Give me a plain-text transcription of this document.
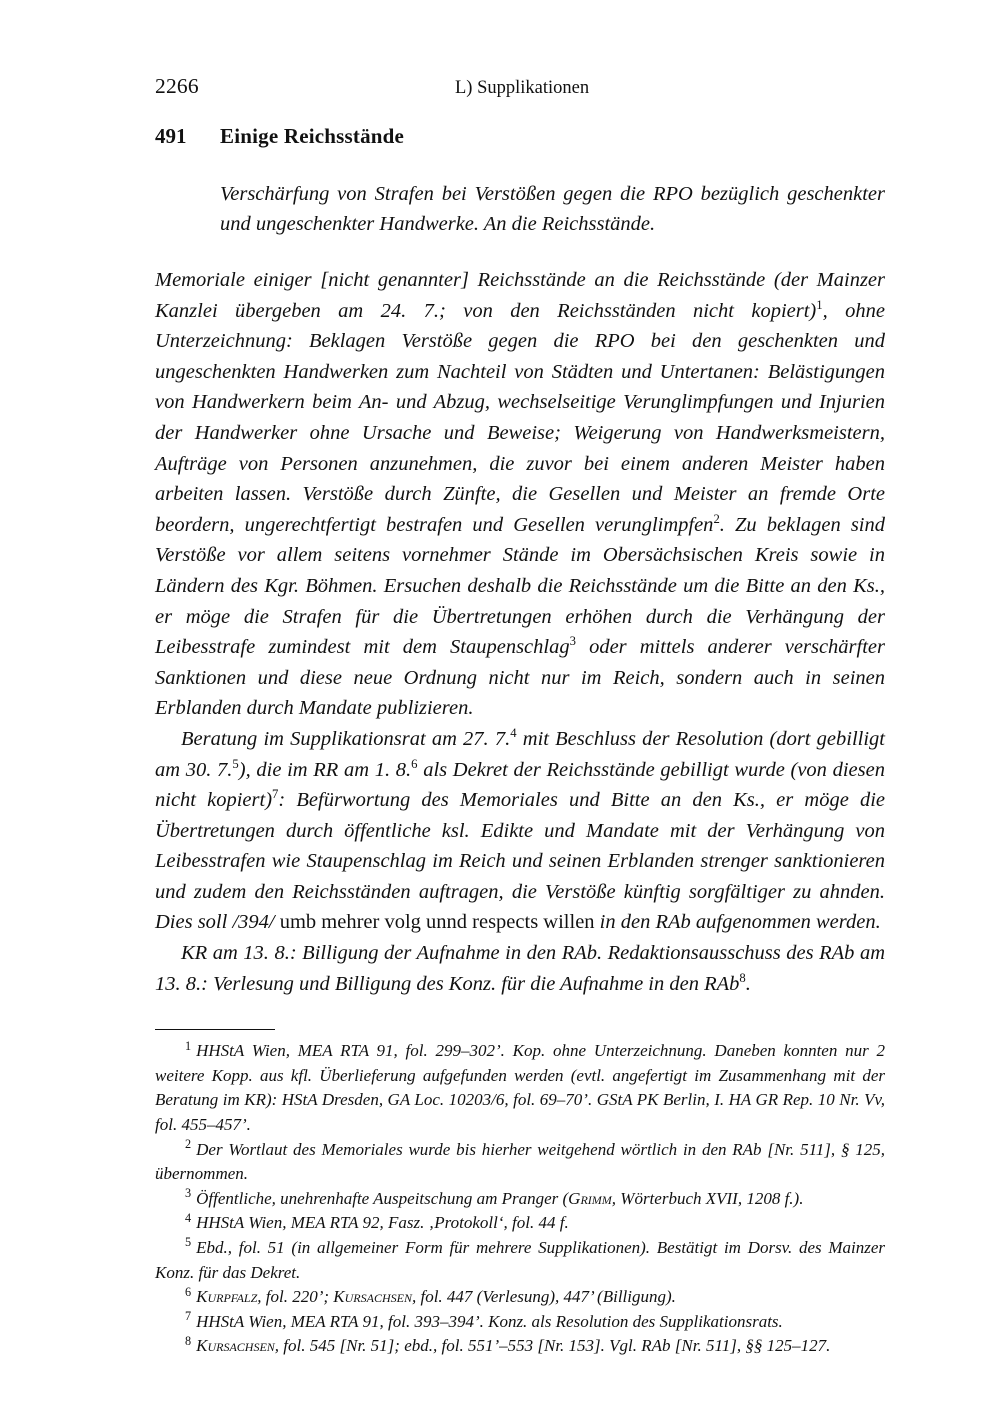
2266	L) Supplikationen
491 Einige Reichsstände
Verschärfung von Strafen bei Verstößen gegen die RPO bezüglich geschenkter und ungeschenkter Handwerke. An die Reichsstände.

Memoriale einiger [nicht genannter] Reichsstände an die Reichsstände (der Mainzer Kanzlei übergeben am 24. 7.; von den Reichsständen nicht kopiert)$^1$, ohne Unterzeichnung: Beklagen Verstöße gegen die RPO bei den geschenkten und ungeschenkten Handwerken zum Nachteil von Städten und Untertanen: Belästigungen von Handwerkern beim An- und Abzug, wechselseitige Verunglimpfungen und Injurien der Handwerker ohne Ursache und Beweise; Weigerung von Handwerksmeistern, Aufträge von Personen anzunehmen, die zuvor bei einem anderen Meister haben arbeiten lassen. Verstöße durch Zünfte, die Gesellen und Meister an fremde Orte beordern, ungerechtfertigt bestrafen und Gesellen verunglimpfen$^2$. Zu beklagen sind Verstöße vor allem seitens vornehmer Stände im Obersächsischen Kreis sowie in Ländern des Kgr. Böhmen. Ersuchen deshalb die Reichsstände um die Bitte an den Ks., er möge die Strafen für die Übertretungen erhöhen durch die Verhängung der Leibesstrafe zumindest mit dem Staupenschlag$^3$ oder mittels anderer verschärfter Sanktionen und diese neue Ordnung nicht nur im Reich, sondern auch in seinen Erblanden durch Mandate publizieren.

Beratung im Supplikationsrat am 27. 7.$^4$ mit Beschluss der Resolution (dort gebilligt am 30. 7.$^5$), die im RR am 1. 8.$^6$ als Dekret der Reichsstände gebilligt wurde (von diesen nicht kopiert)$^7$: Befürwortung des Memoriales und Bitte an den Ks., er möge die Übertretungen durch öffentliche ksl. Edikte und Mandate mit der Verhängung von Leibesstrafen wie Staupenschlag im Reich und seinen Erblanden strenger sanktionieren und zudem den Reichsständen auftragen, die Verstöße künftig sorgfältiger zu ahnden. Dies soll /394/ umb mehrer volg unnd respects willen in den RAb aufgenommen werden.

KR am 13. 8.: Billigung der Aufnahme in den RAb. Redaktionsausschuss des RAb am 13. 8.: Verlesung und Billigung des Konz. für die Aufnahme in den RAb$^8$.

$^1$ HHStA Wien, MEA RTA 91, fol. 299–302’. Kop. ohne Unterzeichnung. Daneben konnten nur 2 weitere Kopp. aus kfl. Überlieferung aufgefunden werden (evtl. angefertigt im Zusammenhang mit der Beratung im KR): HStA Dresden, GA Loc. 10203/6, fol. 69–70’. GStA PK Berlin, I. HA GR Rep. 10 Nr. Vv, fol. 455–457’.

$^2$ Der Wortlaut des Memoriales wurde bis hierher weitgehend wörtlich in den RAb [Nr. 511], § 125, übernommen.

$^3$ Öffentliche, unehrenhafte Auspeitschung am Pranger (Grimm, Wörterbuch XVII, 1208 f.).

$^4$ HHStA Wien, MEA RTA 92, Fasz. ‚Protokoll‘, fol. 44 f.

$^5$ Ebd., fol. 51 (in allgemeiner Form für mehrere Supplikationen). Bestätigt im Dorsv. des Mainzer Konz. für das Dekret.

$^6$ Kurpfalz, fol. 220’; Kursachsen, fol. 447 (Verlesung), 447’ (Billigung).

$^7$ HHStA Wien, MEA RTA 91, fol. 393–394’. Konz. als Resolution des Supplikationsrats.

$^8$ Kursachsen, fol. 545 [Nr. 51]; ebd., fol. 551’–553 [Nr. 153]. Vgl. RAb [Nr. 511], §§ 125–127.
